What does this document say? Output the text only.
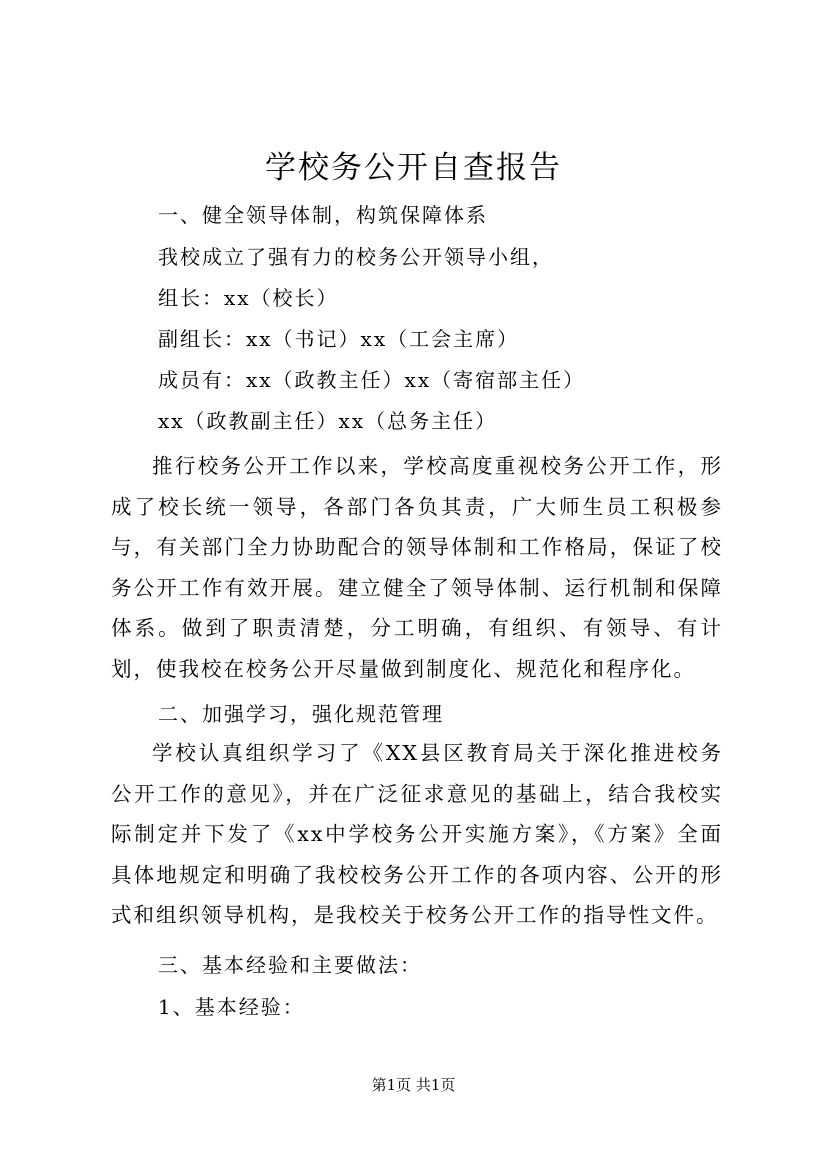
学校务公开自查报告
一、健全领导体制，构筑保障体系
我校成立了强有力的校务公开领导小组，
组长：xx（校长）
副组长：xx（书记）xx（工会主席）
成员有：xx（政教主任）xx（寄宿部主任）
xx（政教副主任）xx（总务主任）
推行校务公开工作以来，学校高度重视校务公开工作，形成了校长统一领导，各部门各负其责，广大师生员工积极参与，有关部门全力协助配合的领导体制和工作格局，保证了校务公开工作有效开展。建立健全了领导体制、运行机制和保障体系。做到了职责清楚，分工明确，有组织、有领导、有计划，使我校在校务公开尽量做到制度化、规范化和程序化。
二、加强学习，强化规范管理
学校认真组织学习了《XX县区教育局关于深化推进校务公开工作的意见》，并在广泛征求意见的基础上，结合我校实际制定并下发了《xx中学校务公开实施方案》，《方案》全面具体地规定和明确了我校校务公开工作的各项内容、公开的形式和组织领导机构，是我校关于校务公开工作的指导性文件。
三、基本经验和主要做法：
1、基本经验：
第1页 共1页
